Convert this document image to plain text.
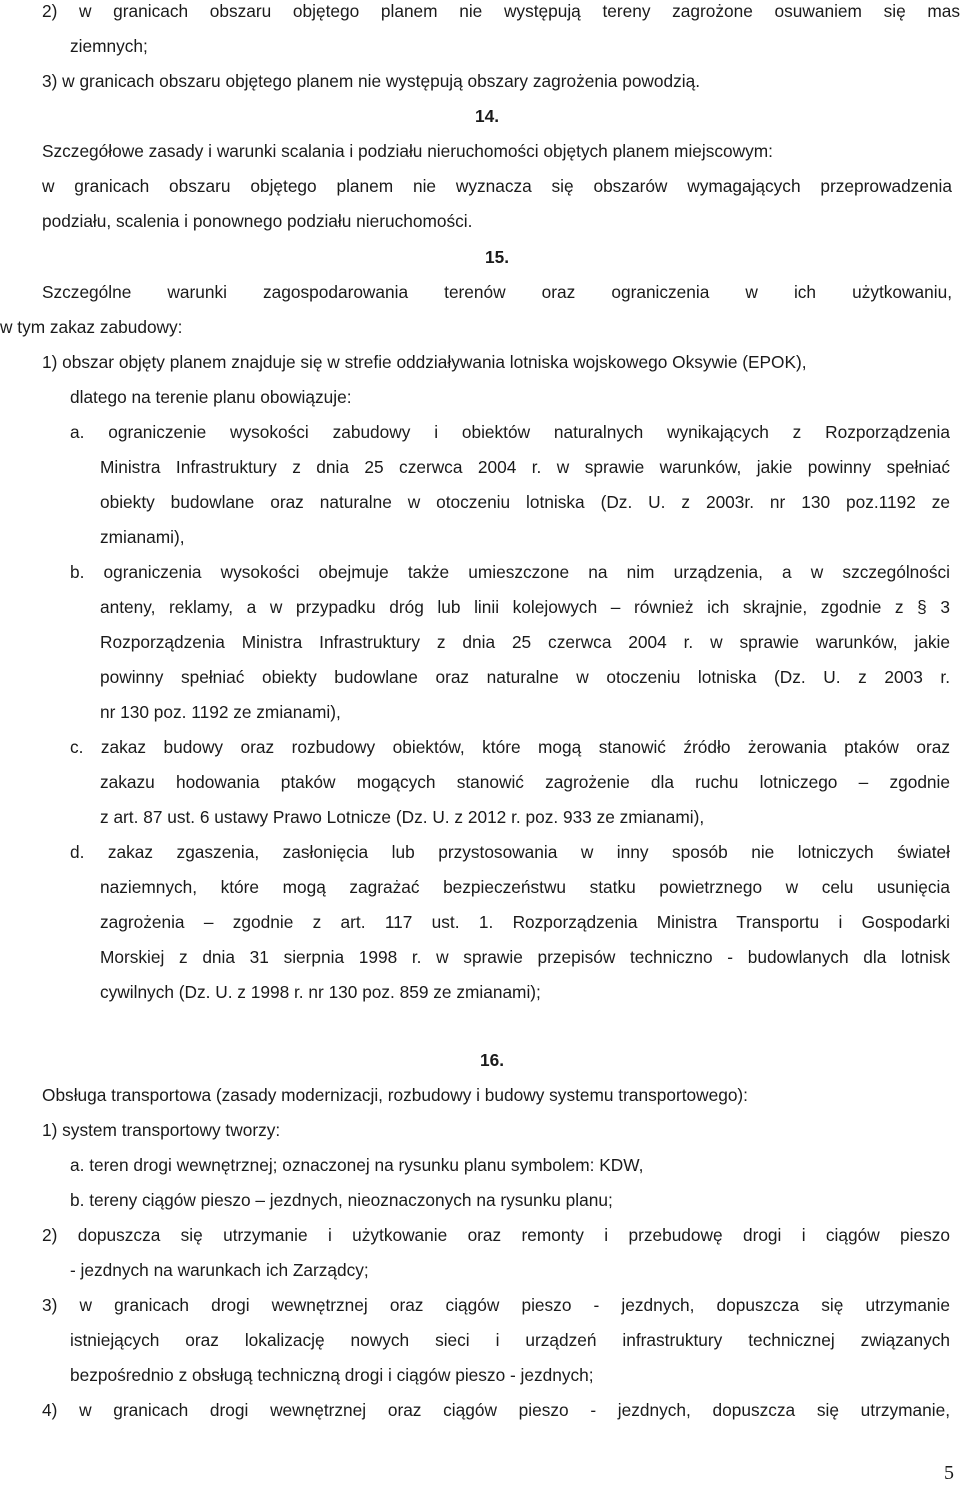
2) w granicach obszaru objętego planem nie występują tereny zagrożone osuwaniem się mas
ziemnych;
3) w granicach obszaru objętego planem nie występują obszary zagrożenia powodzią.
14.
Szczegółowe zasady i warunki scalania i podziału nieruchomości objętych planem miejscowym:
w granicach obszaru objętego planem nie wyznacza się obszarów wymagających przeprowadzenia
podziału, scalenia i ponownego podziału nieruchomości.
15.
Szczególne warunki zagospodarowania terenów oraz ograniczenia w ich użytkowaniu,
w tym zakaz zabudowy:
1) obszar objęty planem znajduje się w strefie oddziaływania lotniska wojskowego Oksywie (EPOK),
dlatego na terenie planu obowiązuje:
a. ograniczenie wysokości zabudowy i obiektów naturalnych wynikających z Rozporządzenia
Ministra Infrastruktury z dnia 25 czerwca 2004 r. w sprawie warunków, jakie powinny spełniać
obiekty budowlane oraz naturalne w otoczeniu lotniska (Dz. U. z 2003r. nr 130 poz.1192 ze
zmianami),
b. ograniczenia wysokości obejmuje także umieszczone na nim urządzenia, a w szczególności
anteny, reklamy, a w przypadku dróg lub linii kolejowych – również ich skrajnie, zgodnie z § 3
Rozporządzenia Ministra Infrastruktury z dnia 25 czerwca 2004 r. w sprawie warunków, jakie
powinny spełniać obiekty budowlane oraz naturalne w otoczeniu lotniska (Dz. U. z 2003 r.
nr 130 poz. 1192 ze zmianami),
c. zakaz budowy oraz rozbudowy obiektów, które mogą stanowić źródło żerowania ptaków oraz
zakazu hodowania ptaków mogących stanowić zagrożenie dla ruchu lotniczego – zgodnie
z art. 87 ust. 6 ustawy Prawo Lotnicze (Dz. U. z 2012 r. poz. 933 ze zmianami),
d. zakaz zgaszenia, zasłonięcia lub przystosowania w inny sposób nie lotniczych świateł
naziemnych, które mogą zagrażać bezpieczeństwu statku powietrznego w celu usunięcia
zagrożenia – zgodnie z art. 117 ust. 1. Rozporządzenia Ministra Transportu i Gospodarki
Morskiej z dnia 31 sierpnia 1998 r. w sprawie przepisów techniczno - budowlanych dla lotnisk
cywilnych (Dz. U. z 1998 r. nr 130 poz. 859 ze zmianami);
16.
Obsługa transportowa (zasady modernizacji, rozbudowy i budowy systemu transportowego):
1) system transportowy tworzy:
a. teren drogi wewnętrznej; oznaczonej na rysunku planu symbolem: KDW,
b. tereny ciągów pieszo – jezdnych, nieoznaczonych na rysunku planu;
2) dopuszcza się utrzymanie i użytkowanie oraz remonty i przebudowę drogi i ciągów pieszo
- jezdnych na warunkach ich Zarządcy;
3) w granicach drogi wewnętrznej oraz ciągów pieszo - jezdnych, dopuszcza się utrzymanie
istniejących oraz lokalizację nowych sieci i urządzeń infrastruktury technicznej związanych
bezpośrednio z obsługą techniczną drogi i ciągów pieszo - jezdnych;
4) w granicach drogi wewnętrznej oraz ciągów pieszo - jezdnych, dopuszcza się utrzymanie,
5
